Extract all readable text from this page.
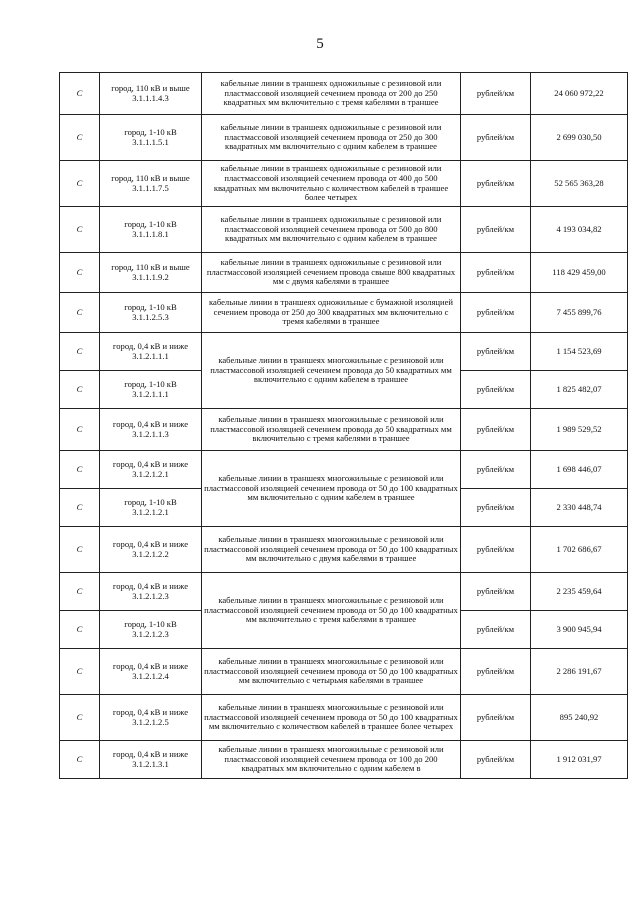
5
C	город, 110 кВ и выше
3.1.1.1.4.3	кабельные линии в траншеях одножильные с резиновой или пластмассовой изоляцией сечением провода от 200 до 250 квадратных мм включительно с тремя кабелями в траншее	рублей/км	24 060 972,22
C	город, 1-10 кВ
3.1.1.1.5.1	кабельные линии в траншеях одножильные с резиновой или пластмассовой изоляцией сечением провода от 250 до 300 квадратных мм включительно с одним кабелем в траншее	рублей/км	2 699 030,50
C	город, 110 кВ и выше
3.1.1.1.7.5	кабельные линии в траншеях одножильные с резиновой или пластмассовой изоляцией сечением провода от 400 до 500 квадратных мм включительно с количеством кабелей в траншее более четырех	рублей/км	52 565 363,28
C	город, 1-10 кВ
3.1.1.1.8.1	кабельные линии в траншеях одножильные с резиновой или пластмассовой изоляцией сечением провода от 500 до 800 квадратных мм включительно с одним кабелем в траншее	рублей/км	4 193 034,82
C	город, 110 кВ и выше
3.1.1.1.9.2	кабельные линии в траншеях одножильные с резиновой или пластмассовой изоляцией сечением провода свыше 800 квадратных мм с двумя кабелями в траншее	рублей/км	118 429 459,00
C	город, 1-10 кВ
3.1.1.2.5.3	кабельные линии в траншеях одножильные с бумажной изоляцией сечением провода от 250 до 300 квадратных мм включительно с тремя кабелями в траншее	рублей/км	7 455 899,76
C	город, 0,4 кВ и ниже
3.1.2.1.1.1	кабельные линии в траншеях многожильные с резиновой или пластмассовой изоляцией сечением провода до 50 квадратных мм включительно с одним кабелем в траншее	рублей/км	1 154 523,69
C	город, 1-10 кВ
3.1.2.1.1.1		рублей/км	1 825 482,07
C	город, 0,4 кВ и ниже
3.1.2.1.1.3	кабельные линии в траншеях многожильные с резиновой или пластмассовой изоляцией сечением провода до 50 квадратных мм включительно с тремя кабелями в траншее	рублей/км	1 989 529,52
C	город, 0,4 кВ и ниже
3.1.2.1.2.1	кабельные линии в траншеях многожильные с резиновой или пластмассовой изоляцией сечением провода от 50 до 100 квадратных мм включительно с одним кабелем в траншее	рублей/км	1 698 446,07
C	город, 1-10 кВ
3.1.2.1.2.1		рублей/км	2 330 448,74
C	город, 0,4 кВ и ниже
3.1.2.1.2.2	кабельные линии в траншеях многожильные с резиновой или пластмассовой изоляцией сечением провода от 50 до 100 квадратных мм включительно с двумя кабелями в траншее	рублей/км	1 702 686,67
C	город, 0,4 кВ и ниже
3.1.2.1.2.3	кабельные линии в траншеях многожильные с резиновой или пластмассовой изоляцией сечением провода от 50 до 100 квадратных мм включительно с тремя кабелями в траншее	рублей/км	2 235 459,64
C	город, 1-10 кВ
3.1.2.1.2.3		рублей/км	3 900 945,94
C	город, 0,4 кВ и ниже
3.1.2.1.2.4	кабельные линии в траншеях многожильные с резиновой или пластмассовой изоляцией сечением провода от 50 до 100 квадратных мм включительно с четырьмя кабелями в траншее	рублей/км	2 286 191,67
C	город, 0,4 кВ и ниже
3.1.2.1.2.5	кабельные линии в траншеях многожильные с резиновой или пластмассовой изоляцией сечением провода от 50 до 100 квадратных мм включительно с количеством кабелей в траншее более четырех	рублей/км	895 240,92
C	город, 0,4 кВ и ниже
3.1.2.1.3.1	кабельные линии в траншеях многожильные с резиновой или пластмассовой изоляцией сечением провода от 100 до 200 квадратных мм включительно с одним кабелем в	рублей/км	1 912 031,97
